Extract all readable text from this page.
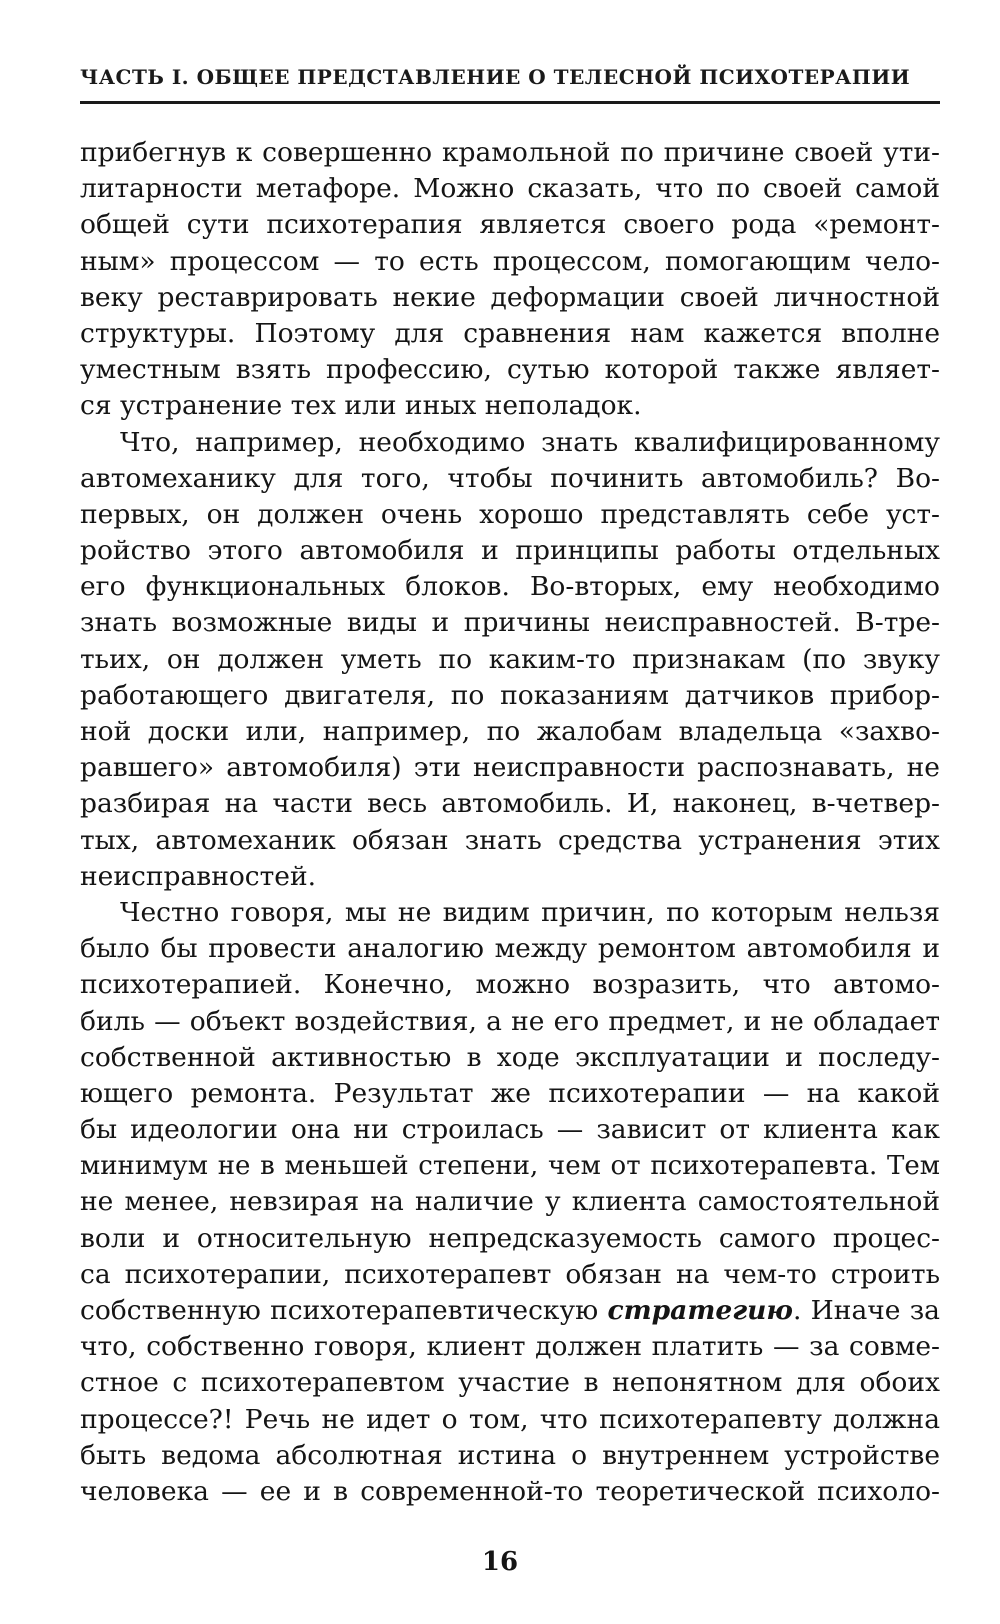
ЧАСТЬ I. ОБЩЕЕ ПРЕДСТАВЛЕНИЕ О ТЕЛЕСНОЙ ПСИХОТЕРАПИИ
прибегнув к совершенно крамольной по причине своей ути-
литарности метафоре. Можно сказать, что по своей самой
общей сути психотерапия является своего рода «ремонт-
ным» процессом — то есть процессом, помогающим чело-
веку реставрировать некие деформации своей личностной
структуры. Поэтому для сравнения нам кажется вполне
уместным взять профессию, сутью которой также являет-
ся устранение тех или иных неполадок.
Что, например, необходимо знать квалифицированному
автомеханику для того, чтобы починить автомобиль? Во-
первых, он должен очень хорошо представлять себе уст-
ройство этого автомобиля и принципы работы отдельных
его функциональных блоков. Во-вторых, ему необходимо
знать возможные виды и причины неисправностей. В-тре-
тьих, он должен уметь по каким-то признакам (по звуку
работающего двигателя, по показаниям датчиков прибор-
ной доски или, например, по жалобам владельца «захво-
равшего» автомобиля) эти неисправности распознавать, не
разбирая на части весь автомобиль. И, наконец, в-четвер-
тых, автомеханик обязан знать средства устранения этих
неисправностей.
Честно говоря, мы не видим причин, по которым нельзя
было бы провести аналогию между ремонтом автомобиля и
психотерапией. Конечно, можно возразить, что автомо-
биль — объект воздействия, а не его предмет, и не обладает
собственной активностью в ходе эксплуатации и последу-
ющего ремонта. Результат же психотерапии — на какой
бы идеологии она ни строилась — зависит от клиента как
минимум не в меньшей степени, чем от психотерапевта. Тем
не менее, невзирая на наличие у клиента самостоятельной
воли и относительную непредсказуемость самого процес-
са психотерапии, психотерапевт обязан на чем-то строить
собственную психотерапевтическую стратегию. Иначе за
что, собственно говоря, клиент должен платить — за совме-
стное с психотерапевтом участие в непонятном для обоих
процессе?! Речь не идет о том, что психотерапевту должна
быть ведома абсолютная истина о внутреннем устройстве
человека — ее и в современной-то теоретической психоло-
16
